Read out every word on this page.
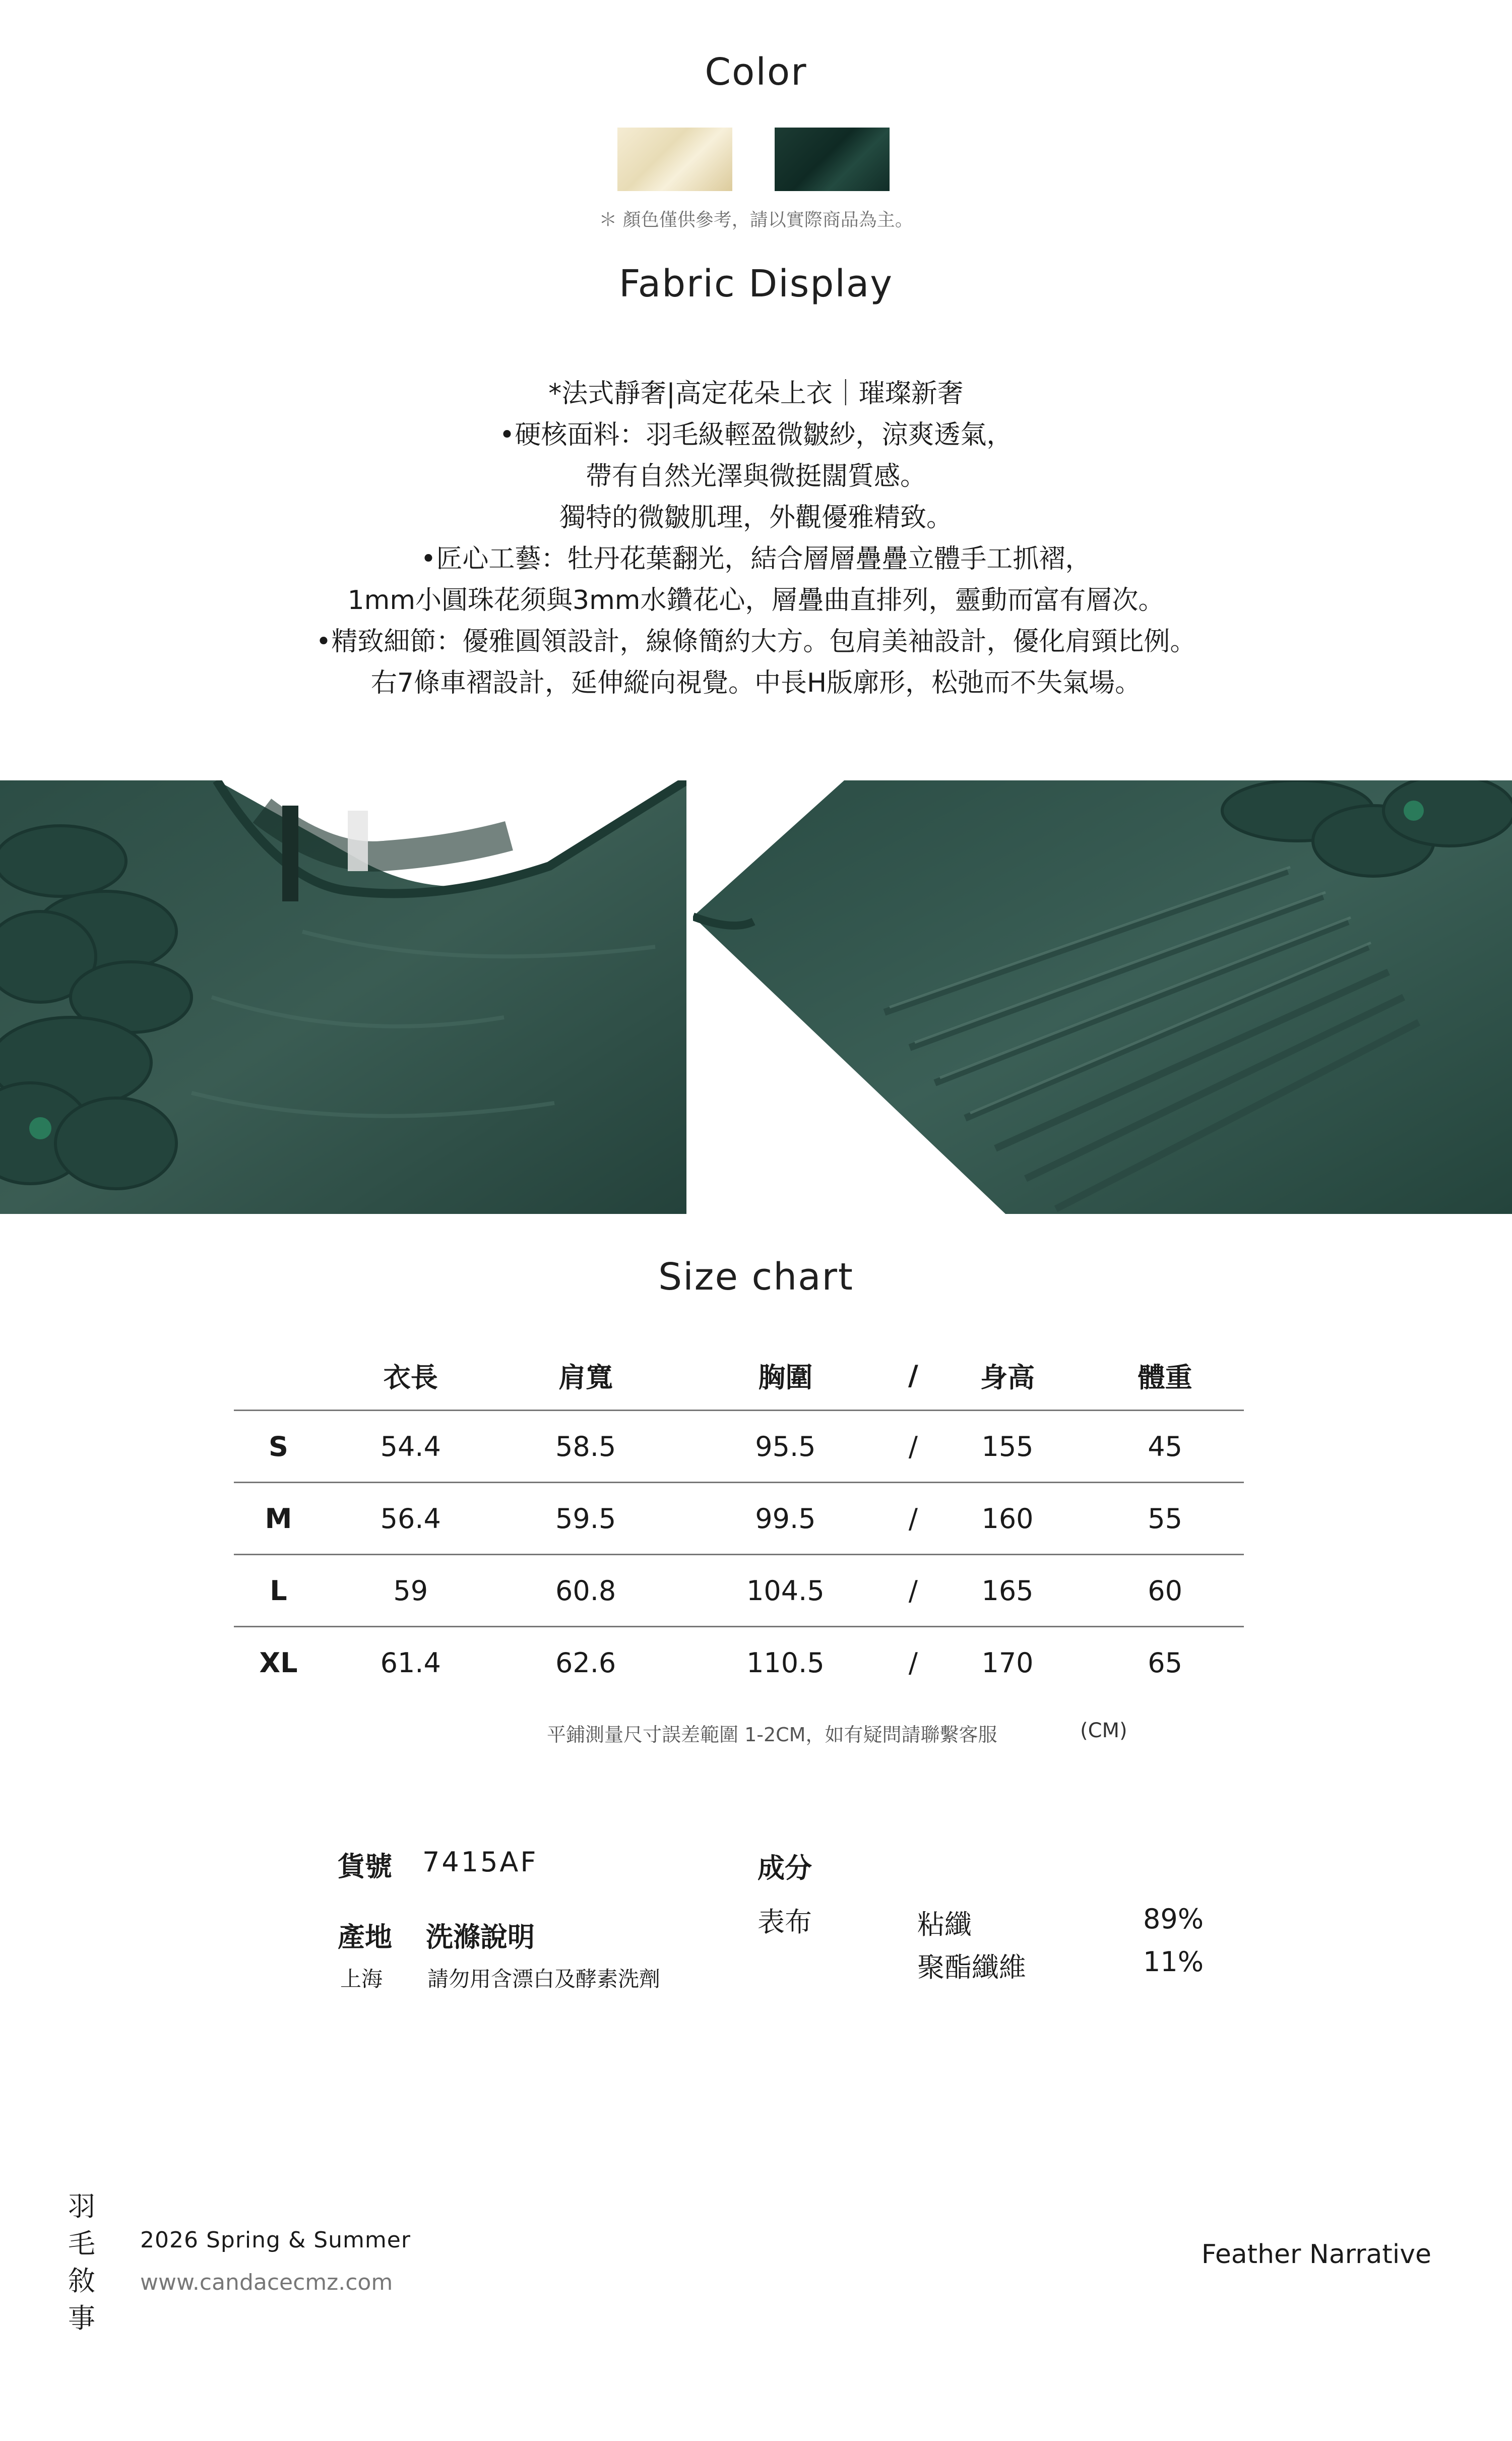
Color
＊ 顏色僅供參考，請以實際商品為主。
Fabric Display
*法式靜奢|高定花朵上衣｜璀璨新奢
•硬核面料：羽毛級輕盈微皺紗，涼爽透氣，
帶有自然光澤與微挺闊質感。
獨特的微皺肌理，外觀優雅精致。
•匠心工藝：牡丹花葉翻光，結合層層疊疊立體手工抓褶，
1mm小圓珠花须與3mm水鑽花心，層疊曲直排列，靈動而富有層次。
•精致細節：優雅圓領設計，線條簡約大方。包肩美袖設計，優化肩頸比例。
右7條車褶設計，延伸縱向視覺。中長H版廓形，松弛而不失氣場。
Size chart
	衣長	肩寬	胸圍	/	身高	體重
S	54.4	58.5	95.5	/	155	45
M	56.4	59.5	99.5	/	160	55
L	59	60.8	104.5	/	165	60
XL	61.4	62.6	110.5	/	170	65
平鋪測量尺寸誤差範圍 1-2CM，如有疑問請聯繫客服	(CM)
貨號 7415AF
產地 洗滌說明
上海 請勿用含漂白及酵素洗劑
成分
表布	粘纖	89%
聚酯纖維	11%
羽
毛
敘
事
2026 Spring & Summer
www.candacecmz.com
Feather Narrative
